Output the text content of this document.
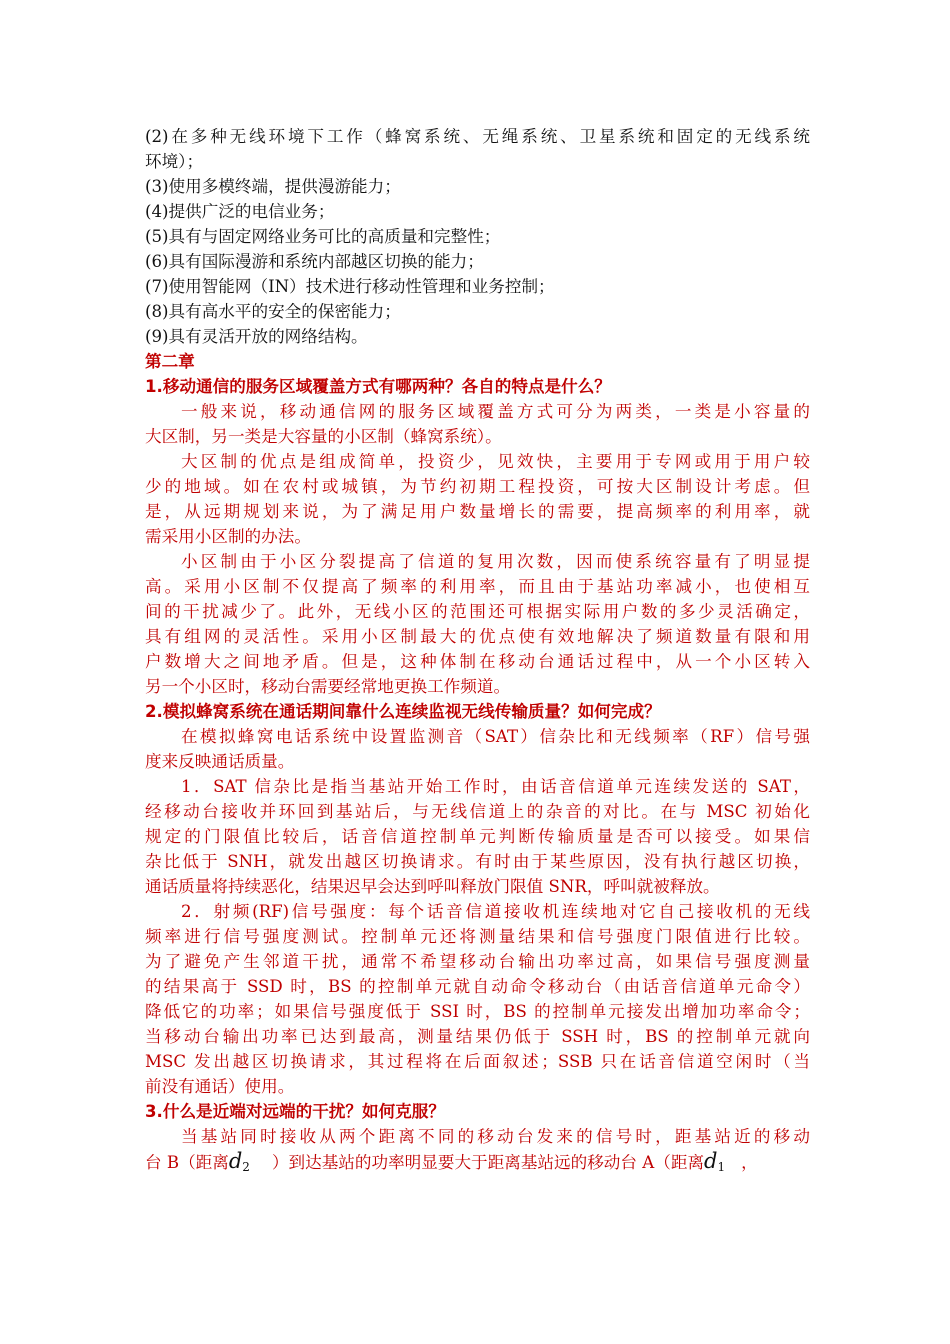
(2)在多种无线环境下工作（蜂窝系统、无绳系统、卫星系统和固定的无线系统
环境）；
(3)使用多模终端，提供漫游能力；
(4)提供广泛的电信业务；
(5)具有与固定网络业务可比的高质量和完整性；
(6)具有国际漫游和系统内部越区切换的能力；
(7)使用智能网（IN）技术进行移动性管理和业务控制；
(8)具有高水平的安全的保密能力；
(9)具有灵活开放的网络结构。
第二章
1.移动通信的服务区域覆盖方式有哪两种？各自的特点是什么？
一般来说，移动通信网的服务区域覆盖方式可分为两类，一类是小容量的
大区制，另一类是大容量的小区制（蜂窝系统）。
大区制的优点是组成简单，投资少，见效快，主要用于专网或用于用户较
少的地域。如在农村或城镇，为节约初期工程投资，可按大区制设计考虑。但
是，从远期规划来说，为了满足用户数量增长的需要，提高频率的利用率，就
需采用小区制的办法。
小区制由于小区分裂提高了信道的复用次数，因而使系统容量有了明显提
高。采用小区制不仅提高了频率的利用率，而且由于基站功率减小，也使相互
间的干扰减少了。此外，无线小区的范围还可根据实际用户数的多少灵活确定，
具有组网的灵活性。采用小区制最大的优点使有效地解决了频道数量有限和用
户数增大之间地矛盾。但是，这种体制在移动台通话过程中，从一个小区转入
另一个小区时，移动台需要经常地更换工作频道。
2.模拟蜂窝系统在通话期间靠什么连续监视无线传输质量？如何完成？
在模拟蜂窝电话系统中设置监测音（SAT）信杂比和无线频率（RF）信号强
度来反映通话质量。
1．SAT 信杂比是指当基站开始工作时，由话音信道单元连续发送的 SAT，
经移动台接收并环回到基站后，与无线信道上的杂音的对比。在与 MSC 初始化
规定的门限值比较后，话音信道控制单元判断传输质量是否可以接受。如果信
杂比低于 SNH，就发出越区切换请求。有时由于某些原因，没有执行越区切换，
通话质量将持续恶化，结果迟早会达到呼叫释放门限值 SNR，呼叫就被释放。
2．射频(RF)信号强度：每个话音信道接收机连续地对它自己接收机的无线
频率进行信号强度测试。控制单元还将测量结果和信号强度门限值进行比较。
为了避免产生邻道干扰，通常不希望移动台输出功率过高，如果信号强度测量
的结果高于 SSD 时，BS 的控制单元就自动命令移动台（由话音信道单元命令）
降低它的功率；如果信号强度低于 SSI 时，BS 的控制单元接发出增加功率命令；
当移动台输出功率已达到最高，测量结果仍低于 SSH 时，BS 的控制单元就向
MSC 发出越区切换请求，其过程将在后面叙述；SSB 只在话音信道空闲时（当
前没有通话）使用。
3.什么是近端对远端的干扰？如何克服？
当基站同时接收从两个距离不同的移动台发来的信号时，距基站近的移动
台 B（距离$d_2$ ）到达基站的功率明显要大于距离基站远的移动台 A（距离$d_1$ ，
